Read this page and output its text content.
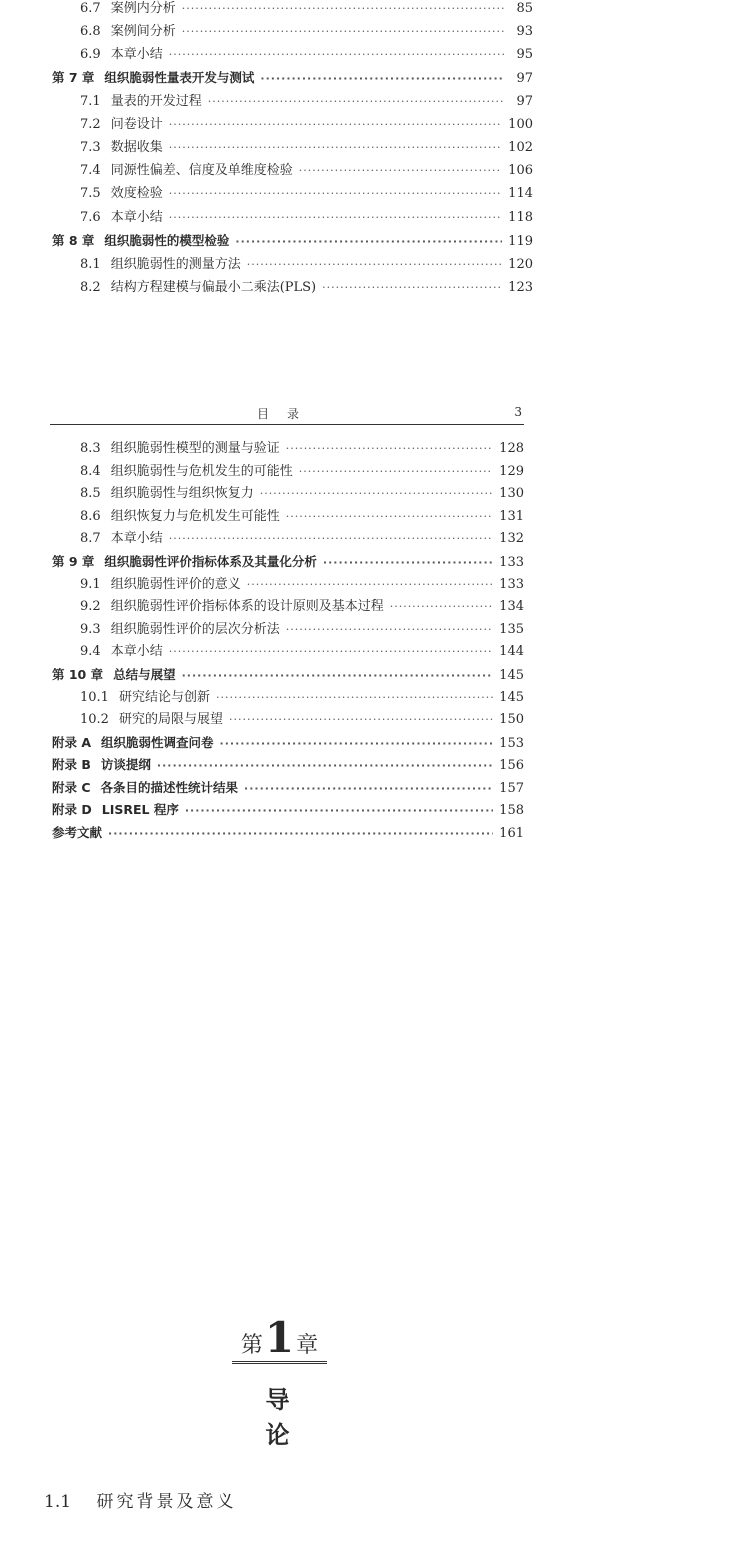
6.7 案例内分析 ·····	85
6.8 案例间分析 ·····	93
6.9 本章小结 ·····	95
第 7 章 组织脆弱性量表开发与测试 ·····	97
7.1 量表的开发过程 ·····	97
7.2 问卷设计 ·····	100
7.3 数据收集 ·····	102
7.4 同源性偏差、信度及单维度检验 ·····	106
7.5 效度检验 ·····	114
7.6 本章小结 ·····	118
第 8 章 组织脆弱性的模型检验 ·····	119
8.1 组织脆弱性的测量方法 ·····	120
8.2 结构方程建模与偏最小二乘法(PLS) ·····	123
目录	3
8.3 组织脆弱性模型的测量与验证 ·····	128
8.4 组织脆弱性与危机发生的可能性 ·····	129
8.5 组织脆弱性与组织恢复力 ·····	130
8.6 组织恢复力与危机发生可能性 ·····	131
8.7 本章小结 ·····	132
第 9 章 组织脆弱性评价指标体系及其量化分析 ·····	133
9.1 组织脆弱性评价的意义 ·····	133
9.2 组织脆弱性评价指标体系的设计原则及基本过程 ·····	134
9.3 组织脆弱性评价的层次分析法 ·····	135
9.4 本章小结 ·····	144
第 10 章 总结与展望 ·····	145
10.1 研究结论与创新 ·····	145
10.2 研究的局限与展望 ·····	150
附录 A 组织脆弱性调查问卷 ·····	153
附录 B 访谈提纲 ·····	156
附录 C 各条目的描述性统计结果 ·····	157
附录 D LISREL 程序 ·····	158
参考文献 ·····	161
第 1 章
导论
1.1 研究背景及意义
